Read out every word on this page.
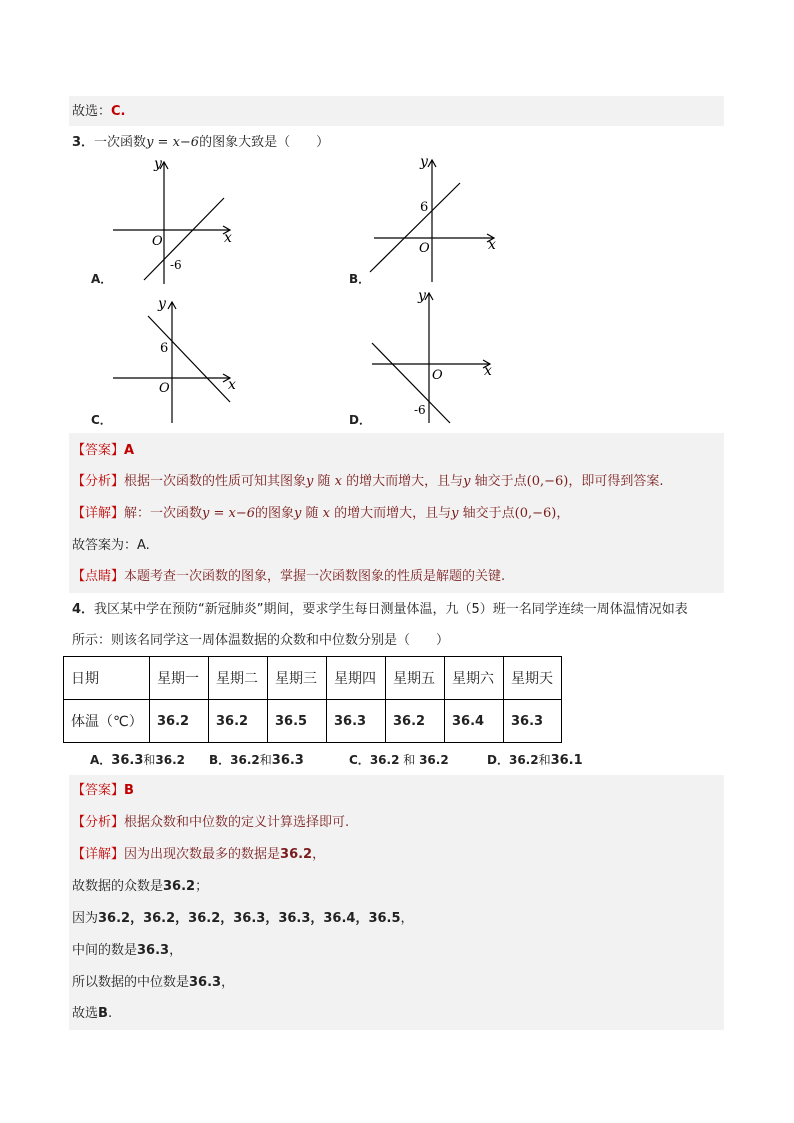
故选：C.
3．一次函数y = x−6的图象大致是（　　）
x
y
O
-6
A．
x
y
O
6
B．
x
y
O
6
C．
x
y
O
-6
D．
【答案】A
【分析】根据一次函数的性质可知其图象y 随 x 的增大而增大，且与y 轴交于点(0,−6)，即可得到答案.
【详解】解：一次函数y = x−6的图象y 随 x 的增大而增大，且与y 轴交于点(0,−6)，
故答案为：A.
【点睛】本题考查一次函数的图象，掌握一次函数图象的性质是解题的关键.
4．我区某中学在预防“新冠肺炎”期间，要求学生每日测量体温，九（5）班一名同学连续一周体温情况如表
所示：则该名同学这一周体温数据的众数和中位数分别是（　　）
日期	星期一	星期二	星期三	星期四	星期五	星期六	星期天
体温（℃）	36.2	36.2	36.5	36.3	36.2	36.4	36.3
A．36.3和36.2 B．36.2和36.3	C．36.2 和 36.2	D．36.2和36.1
【答案】B
【分析】根据众数和中位数的定义计算选择即可.
【详解】因为出现次数最多的数据是36.2，
故数据的众数是36.2；
因为36.2，36.2，36.2，36.3，36.3，36.4，36.5，
中间的数是36.3，
所以数据的中位数是36.3，
故选B.
